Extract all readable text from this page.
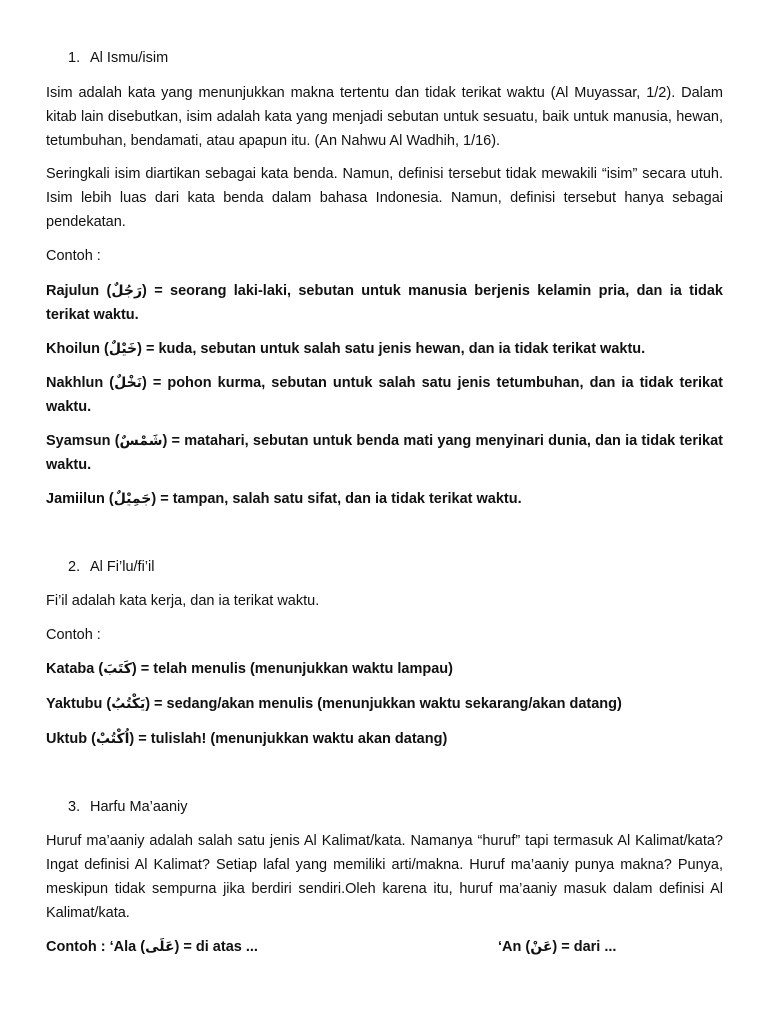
1. Al Ismu/isim

Isim adalah kata yang menunjukkan makna tertentu dan tidak terikat waktu (Al Muyassar, 1/2). Dalam kitab lain disebutkan, isim adalah kata yang menjadi sebutan untuk sesuatu, baik untuk manusia, hewan, tetumbuhan, bendamati, atau apapun itu. (An Nahwu Al Wadhih, 1/16).

Seringkali isim diartikan sebagai kata benda. Namun, definisi tersebut tidak mewakili “isim” secara utuh. Isim lebih luas dari kata benda dalam bahasa Indonesia. Namun, definisi tersebut hanya sebagai pendekatan.

Contoh :

Rajulun (رَجُلٌ) = seorang laki-laki, sebutan untuk manusia berjenis kelamin pria, dan ia tidak terikat waktu.

Khoilun (خَيْلٌ) = kuda, sebutan untuk salah satu jenis hewan, dan ia tidak terikat waktu.

Nakhlun (نَخْلٌ) = pohon kurma, sebutan untuk salah satu jenis tetumbuhan, dan ia tidak terikat waktu.

Syamsun (شَمْسٌ) = matahari, sebutan untuk benda mati yang menyinari dunia, dan ia tidak terikat waktu.

Jamiilun (جَمِيْلٌ) = tampan, salah satu sifat, dan ia tidak terikat waktu.

2. Al Fi’lu/fi’il

Fi’il adalah kata kerja, dan ia terikat waktu.

Contoh :

Kataba (كَتَبَ) = telah menulis (menunjukkan waktu lampau)

Yaktubu (يَكْتُبُ) = sedang/akan menulis (menunjukkan waktu sekarang/akan datang)

Uktub (اُكْتُبْ) = tulislah! (menunjukkan waktu akan datang)

3. Harfu Ma’aaniy

Huruf ma’aaniy adalah salah satu jenis Al Kalimat/kata. Namanya “huruf” tapi termasuk Al Kalimat/kata? Ingat definisi Al Kalimat? Setiap lafal yang memiliki arti/makna. Huruf ma’aaniy punya makna? Punya, meskipun tidak sempurna jika berdiri sendiri.Oleh karena itu, huruf ma’aaniy masuk dalam definisi Al Kalimat/kata.

Contoh : ‘Ala (عَلَى) = di atas ...	‘An (عَنْ) = dari ...
